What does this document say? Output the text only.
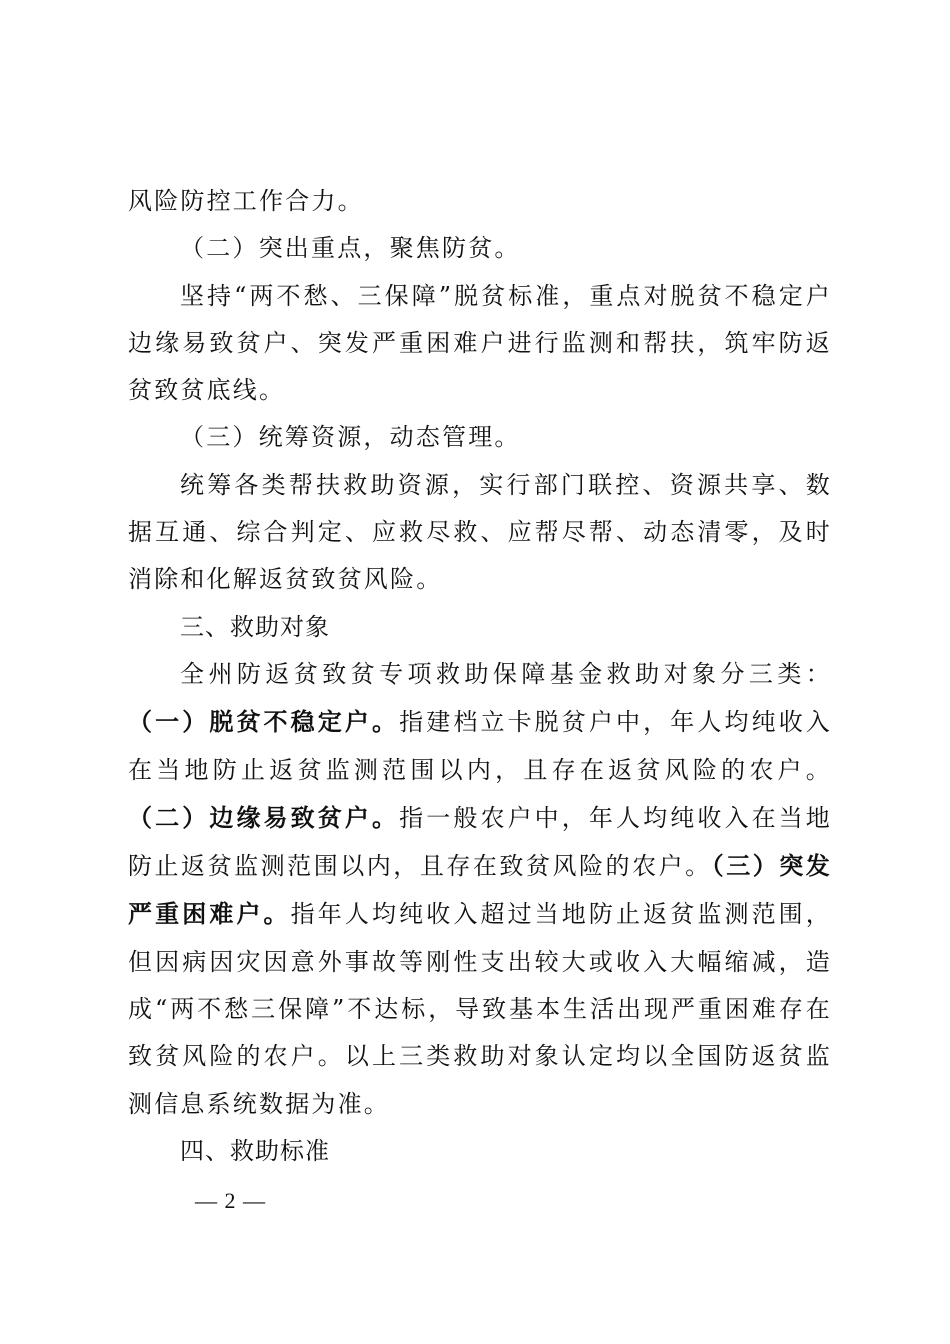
风险防控工作合力。

（二）突出重点，聚焦防贫。

坚持“两不愁、三保障”脱贫标准，重点对脱贫不稳定户边缘易致贫户、突发严重困难户进行监测和帮扶，筑牢防返贫致贫底线。

（三）统筹资源，动态管理。

统筹各类帮扶救助资源，实行部门联控、资源共享、数据互通、综合判定、应救尽救、应帮尽帮、动态清零，及时消除和化解返贫致贫风险。

三、救助对象

全州防返贫致贫专项救助保障基金救助对象分三类：（一）脱贫不稳定户。指建档立卡脱贫户中，年人均纯收入在当地防止返贫监测范围以内，且存在返贫风险的农户。（二）边缘易致贫户。指一般农户中，年人均纯收入在当地防止返贫监测范围以内，且存在致贫风险的农户。（三）突发严重困难户。指年人均纯收入超过当地防止返贫监测范围，但因病因灾因意外事故等刚性支出较大或收入大幅缩减，造成“两不愁三保障”不达标，导致基本生活出现严重困难存在致贫风险的农户。以上三类救助对象认定均以全国防返贫监测信息系统数据为准。

四、救助标准

— 2 —
